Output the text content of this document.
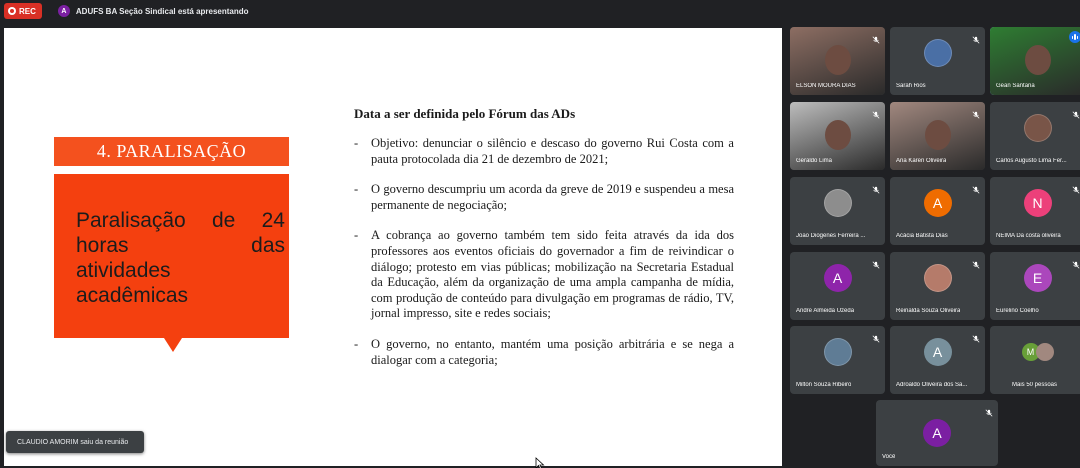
REC	A	ADUFS BA Seção Sindical está apresentando
4. PARALISAÇÃO

Paralisação de 24
horas	das
atividades
acadêmicas

Data a ser definida pelo Fórum das ADs
-	Objetivo: denunciar o silêncio e descaso do governo Rui Costa com a pauta protocolada dia 21 de dezembro de 2021;
-	O governo descumpriu um acorda da greve de 2019 e suspendeu a mesa permanente de negociação;
-	A cobrança ao governo também tem sido feita através da ida dos professores aos eventos oficiais do governador a fim de reivindicar o diálogo; protesto em vias públicas; mobilização na Secretaria Estadual da Educação, além da organização de uma ampla campanha de mídia, com produção de conteúdo para divulgação em programas de rádio, TV, jornal impresso, site e redes sociais;
-	O governo, no entanto, mantém uma posição arbitrária e se nega a dialogar com a categoria;
CLAUDIO AMORIM saiu da reunião
ELSON MOURA DIAS	Sarah Rios	Gean Santana
Geraldo Lima	Ana Karen Oliveira	Carlos Augusto Lima Fer...
João Diogenes Ferreira ...
A
Acácia Batista Dias
N
NEIMA Da costa oliveira
A
Andre Almeida Uzeda	Reinalda Souza Oliveira
E
Eurelino Coelho
Milton Souza Ribeiro
A
Adroaldo Oliveira dos Sa...
M
Mais 50 pessoas
A
Você
